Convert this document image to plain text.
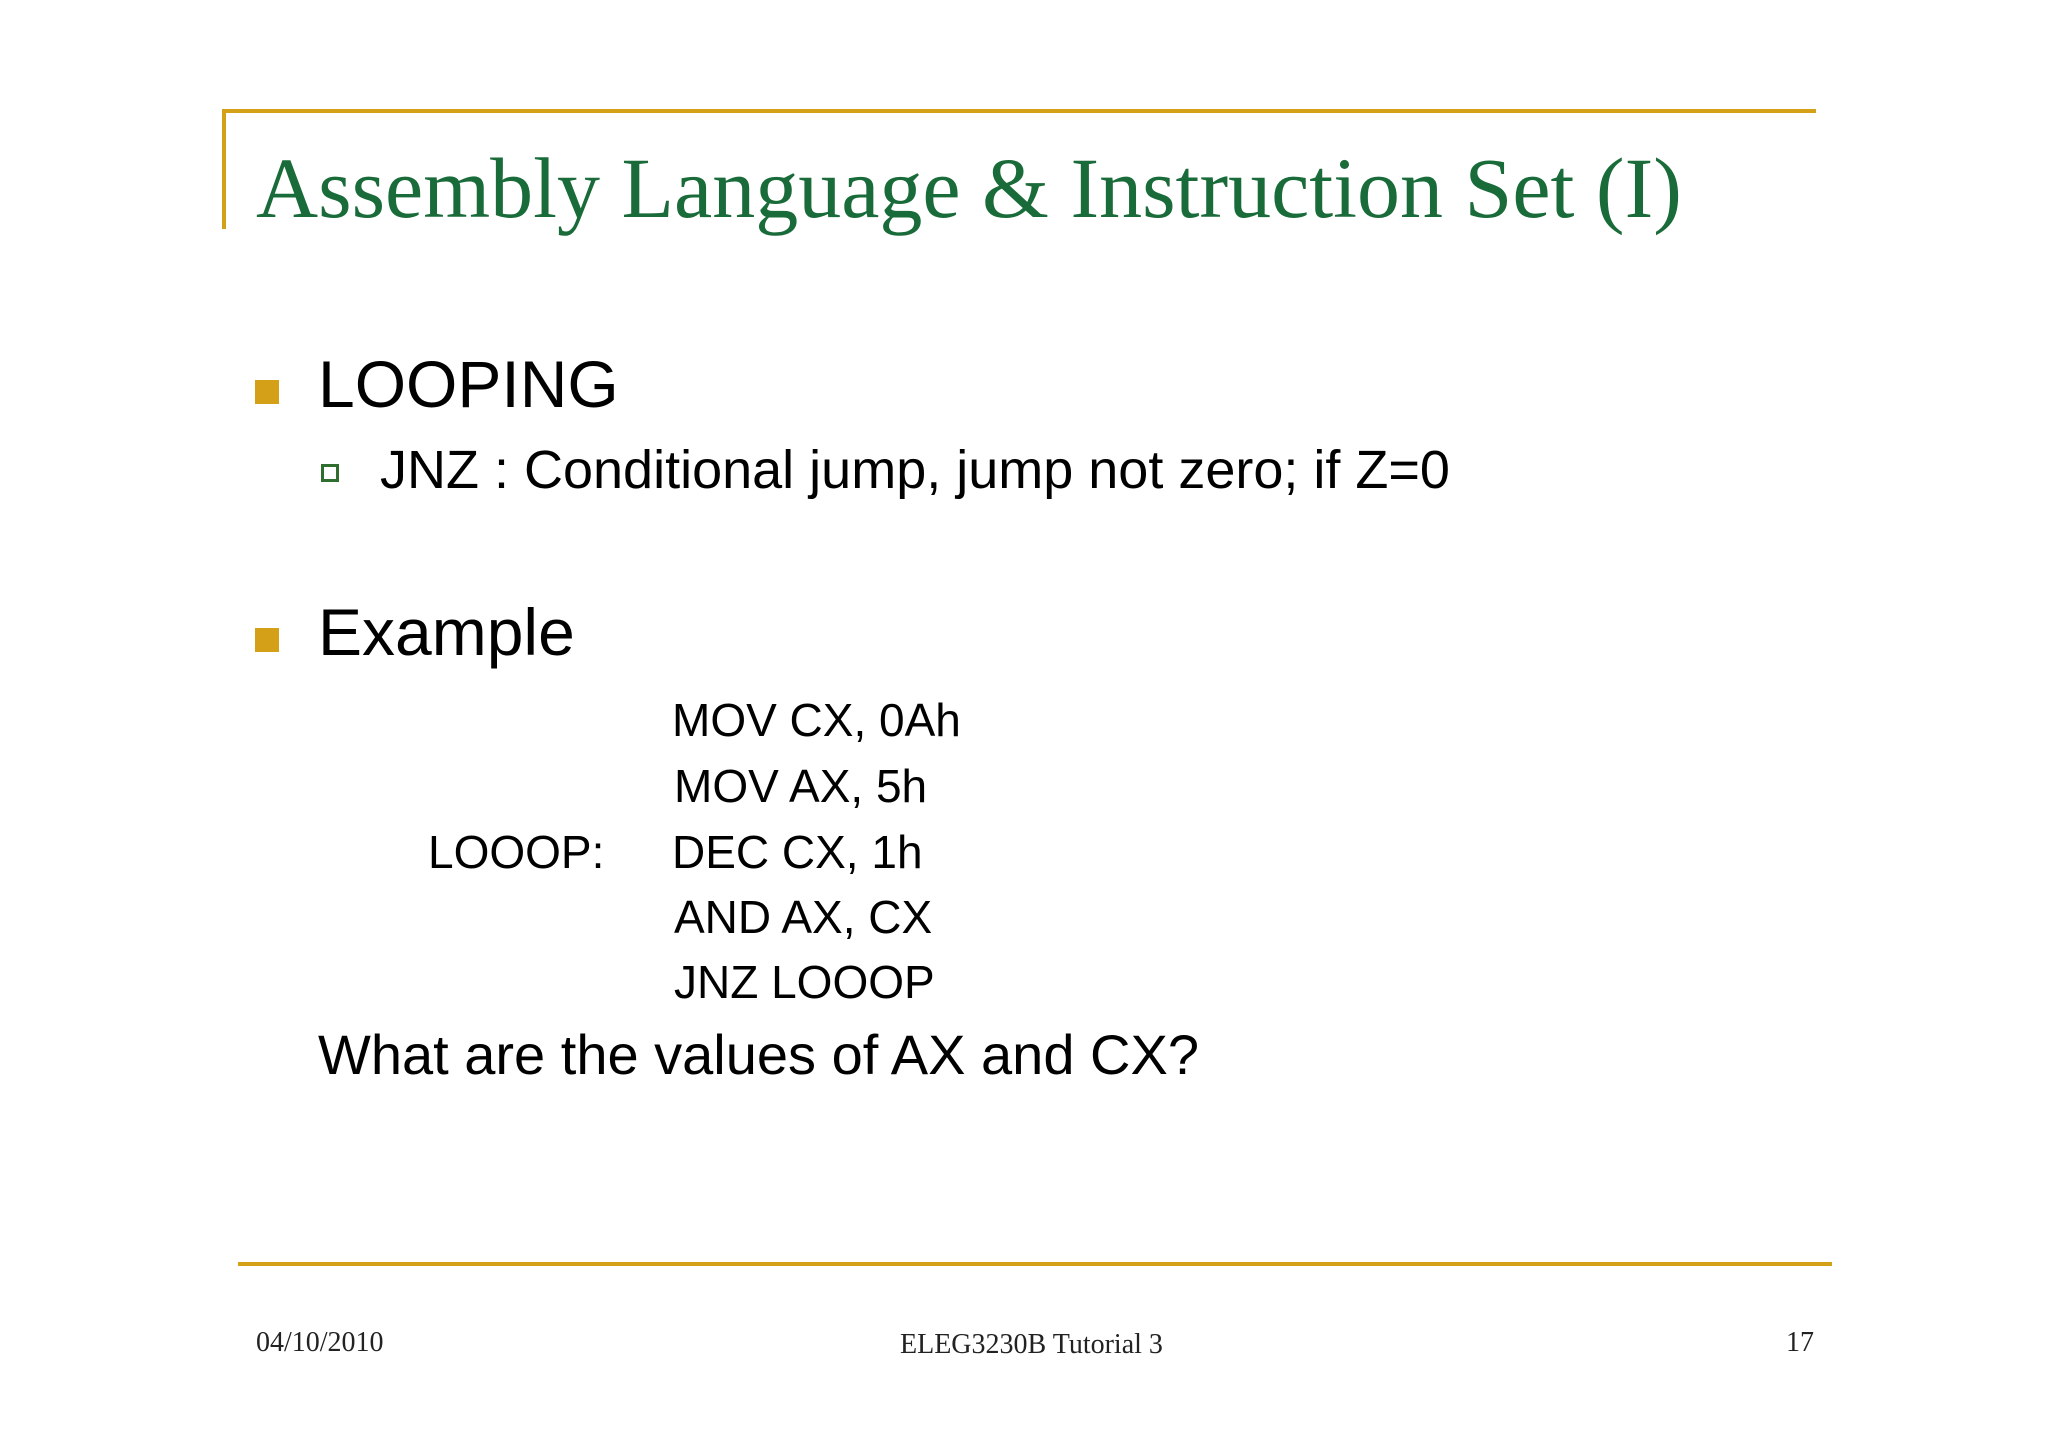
Assembly Language & Instruction Set (I)
LOOPING
JNZ : Conditional jump, jump not zero; if Z=0
Example
MOV CX, 0Ah
MOV AX, 5h
LOOOP: DEC CX, 1h
AND AX, CX
JNZ LOOOP
What are the values of AX and CX?
04/10/2010	ELEG3230B Tutorial 3	17
